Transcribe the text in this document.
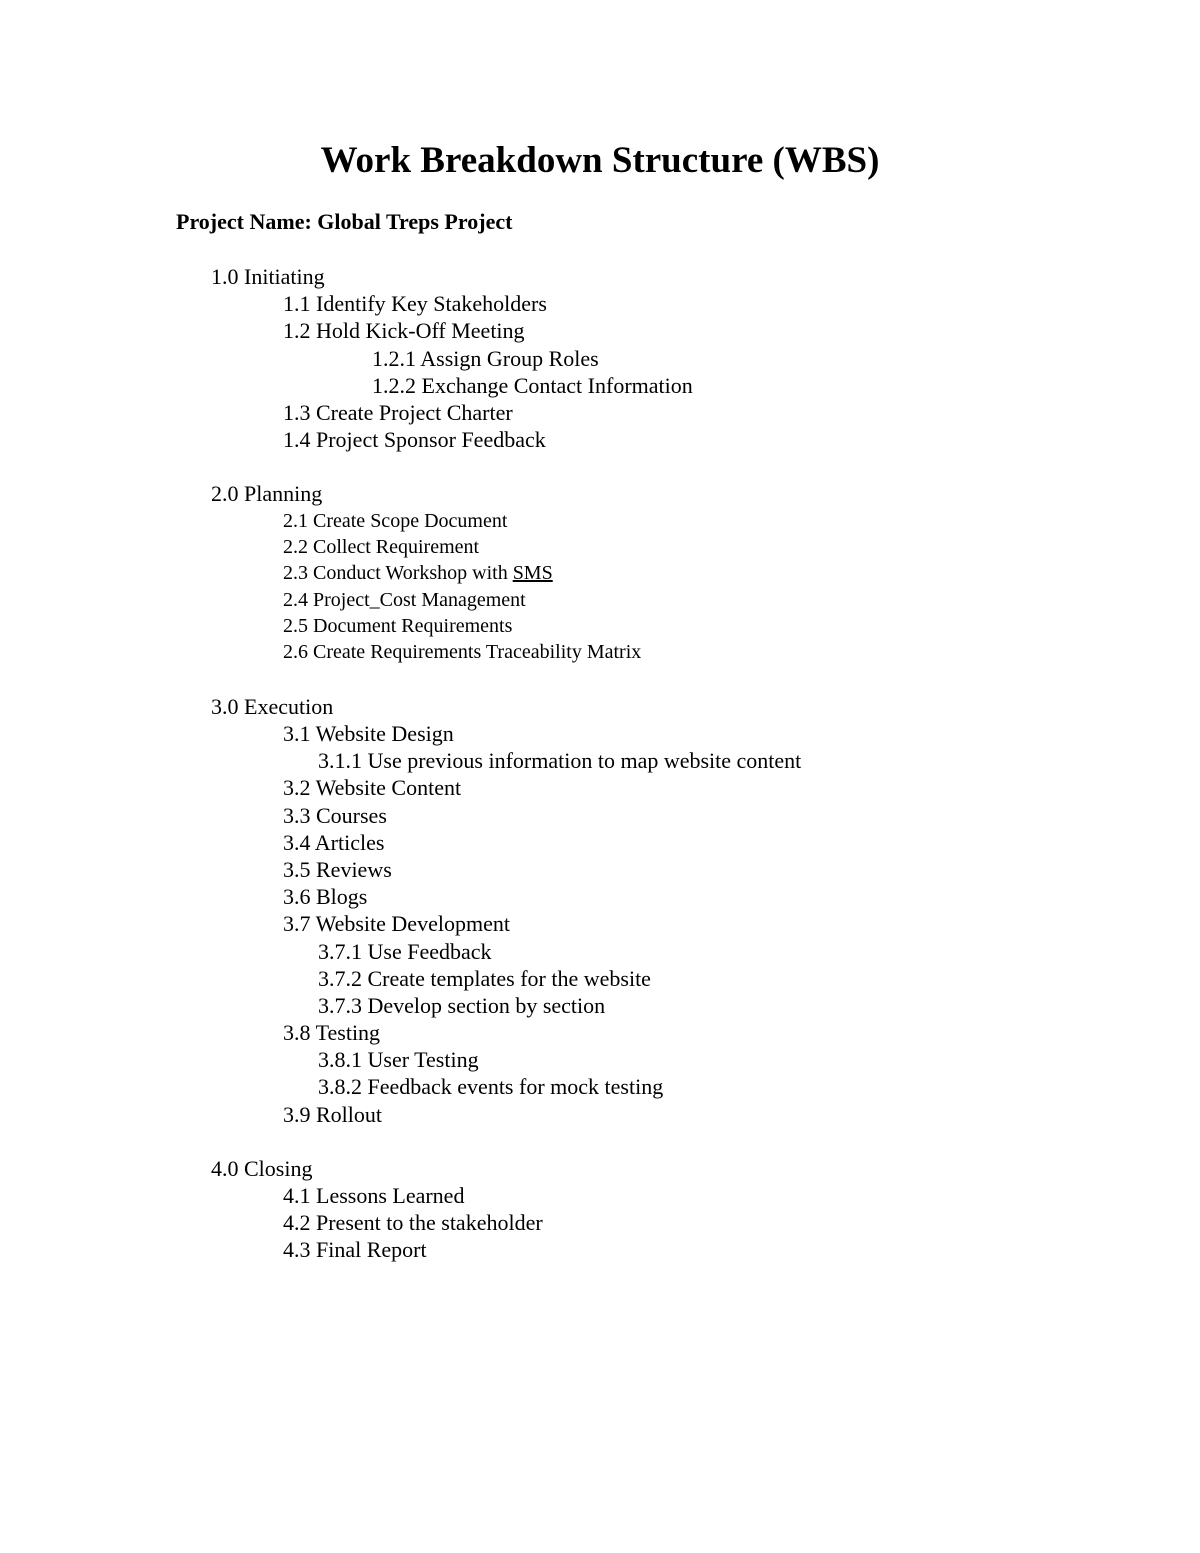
Work Breakdown Structure (WBS)

Project Name: Global Treps Project

1.0 Initiating
1.1 Identify Key Stakeholders
1.2 Hold Kick-Off Meeting
1.2.1 Assign Group Roles
1.2.2 Exchange Contact Information
1.3 Create Project Charter
1.4 Project Sponsor Feedback
2.0 Planning
2.1 Create Scope Document
2.2 Collect Requirement
2.3 Conduct Workshop with SMS
2.4 Project_Cost Management
2.5 Document Requirements
2.6 Create Requirements Traceability Matrix
3.0 Execution
3.1 Website Design
3.1.1 Use previous information to map website content
3.2 Website Content
3.3 Courses
3.4 Articles
3.5 Reviews
3.6 Blogs
3.7 Website Development
3.7.1 Use Feedback
3.7.2 Create templates for the website
3.7.3 Develop section by section
3.8 Testing
3.8.1 User Testing
3.8.2 Feedback events for mock testing
3.9 Rollout
4.0 Closing
4.1 Lessons Learned
4.2 Present to the stakeholder
4.3 Final Report
